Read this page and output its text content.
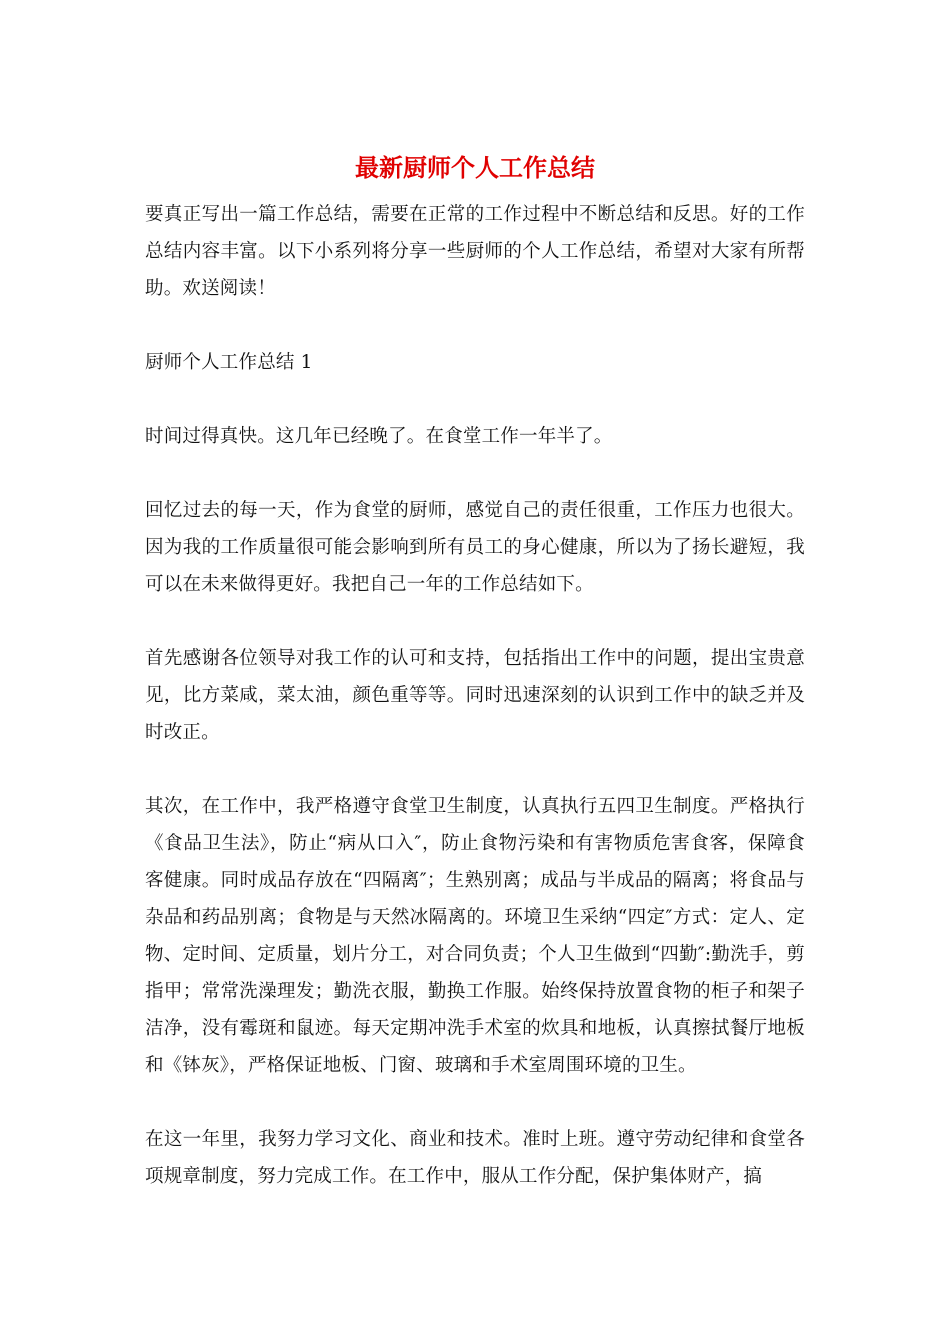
最新厨师个人工作总结

要真正写出一篇工作总结，需要在正常的工作过程中不断总结和反思。好的工作总结内容丰富。以下小系列将分享一些厨师的个人工作总结，希望对大家有所帮助。欢送阅读！

厨师个人工作总结 1

时间过得真快。这几年已经晚了。在食堂工作一年半了。

回忆过去的每一天，作为食堂的厨师，感觉自己的责任很重，工作压力也很大。因为我的工作质量很可能会影响到所有员工的身心健康，所以为了扬长避短，我可以在未来做得更好。我把自己一年的工作总结如下。

首先感谢各位领导对我工作的认可和支持，包括指出工作中的问题，提出宝贵意见，比方菜咸，菜太油，颜色重等等。同时迅速深刻的认识到工作中的缺乏并及时改正。

其次，在工作中，我严格遵守食堂卫生制度，认真执行五四卫生制度。严格执行《食品卫生法》，防止“病从口入″，防止食物污染和有害物质危害食客，保障食客健康。同时成品存放在“四隔离″；生熟别离；成品与半成品的隔离；将食品与杂品和药品别离；食物是与天然冰隔离的。环境卫生采纳“四定″方式：定人、定物、定时间、定质量，划片分工，对合同负责；个人卫生做到“四勤″:勤洗手，剪指甲；常常洗澡理发；勤洗衣服，勤换工作服。始终保持放置食物的柜子和架子洁净，没有霉斑和鼠迹。每天定期冲洗手术室的炊具和地板，认真擦拭餐厅地板和《钵灰》，严格保证地板、门窗、玻璃和手术室周围环境的卫生。

在这一年里，我努力学习文化、商业和技术。准时上班。遵守劳动纪律和食堂各项规章制度，努力完成工作。在工作中，服从工作分配，保护集体财产，搞
